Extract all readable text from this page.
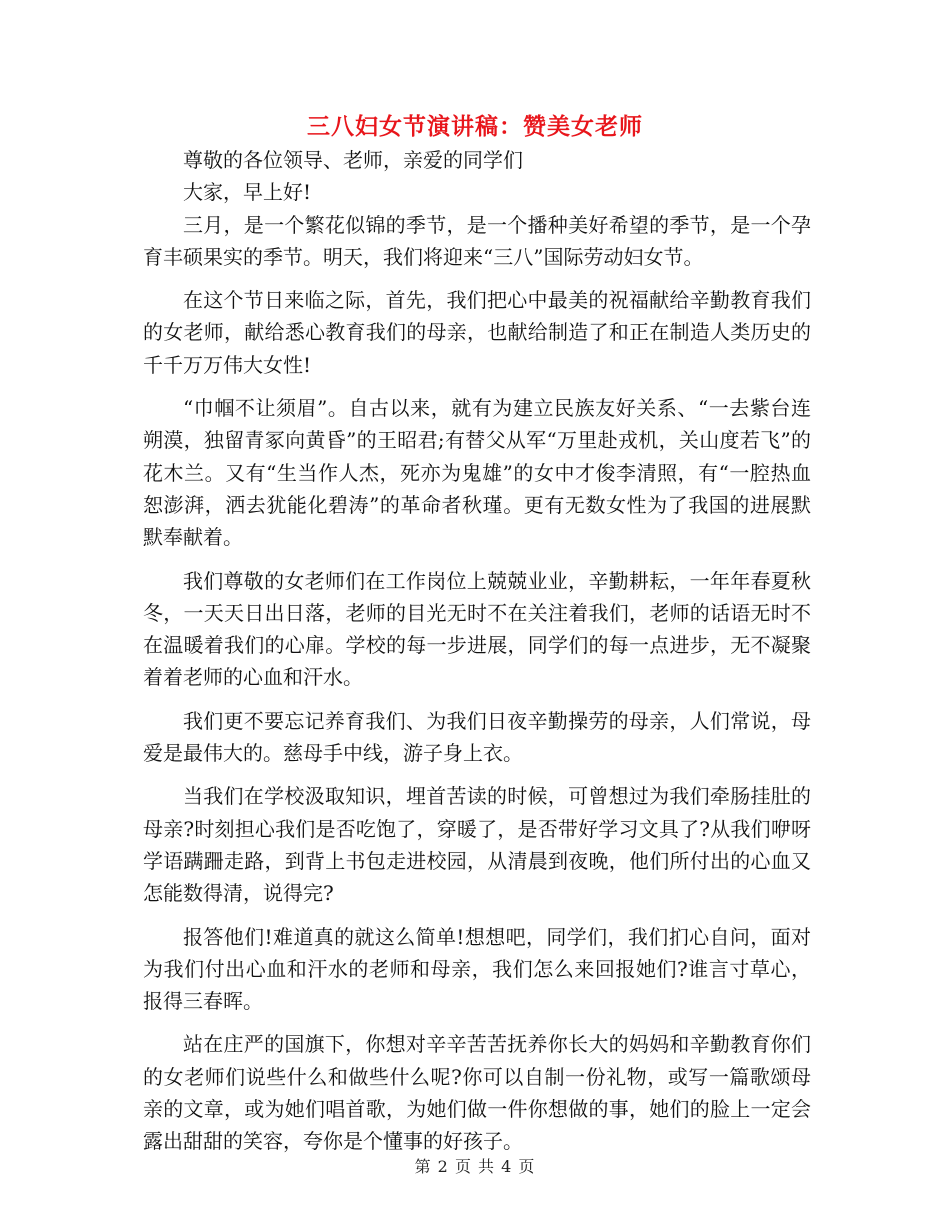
三八妇女节演讲稿：赞美女老师

尊敬的各位领导、老师，亲爱的同学们

大家，早上好!

三月，是一个繁花似锦的季节，是一个播种美好希望的季节，是一个孕育丰硕果实的季节。明天，我们将迎来“三八”国际劳动妇女节。

在这个节日来临之际，首先，我们把心中最美的祝福献给辛勤教育我们的女老师，献给悉心教育我们的母亲，也献给制造了和正在制造人类历史的千千万万伟大女性!

“巾帼不让须眉”。自古以来，就有为建立民族友好关系、“一去紫台连朔漠，独留青冢向黄昏”的王昭君;有替父从军“万里赴戎机，关山度若飞”的花木兰。又有“生当作人杰，死亦为鬼雄”的女中才俊李清照，有“一腔热血恕澎湃，洒去犹能化碧涛”的革命者秋瑾。更有无数女性为了我国的进展默默奉献着。

我们尊敬的女老师们在工作岗位上兢兢业业，辛勤耕耘，一年年春夏秋冬，一天天日出日落，老师的目光无时不在关注着我们，老师的话语无时不在温暖着我们的心扉。学校的每一步进展，同学们的每一点进步，无不凝聚着着老师的心血和汗水。

我们更不要忘记养育我们、为我们日夜辛勤操劳的母亲，人们常说，母爱是最伟大的。慈母手中线，游子身上衣。

当我们在学校汲取知识，埋首苦读的时候，可曾想过为我们牵肠挂肚的母亲?时刻担心我们是否吃饱了，穿暖了，是否带好学习文具了?从我们咿呀学语蹒跚走路，到背上书包走进校园，从清晨到夜晚，他们所付出的心血又怎能数得清，说得完?

报答他们!难道真的就这么简单!想想吧，同学们，我们扪心自问，面对为我们付出心血和汗水的老师和母亲，我们怎么来回报她们?谁言寸草心，报得三春晖。

站在庄严的国旗下，你想对辛辛苦苦抚养你长大的妈妈和辛勤教育你们的女老师们说些什么和做些什么呢?你可以自制一份礼物，或写一篇歌颂母亲的文章，或为她们唱首歌，为她们做一件你想做的事，她们的脸上一定会露出甜甜的笑容，夸你是个懂事的好孩子。

第 2 页 共 4 页
